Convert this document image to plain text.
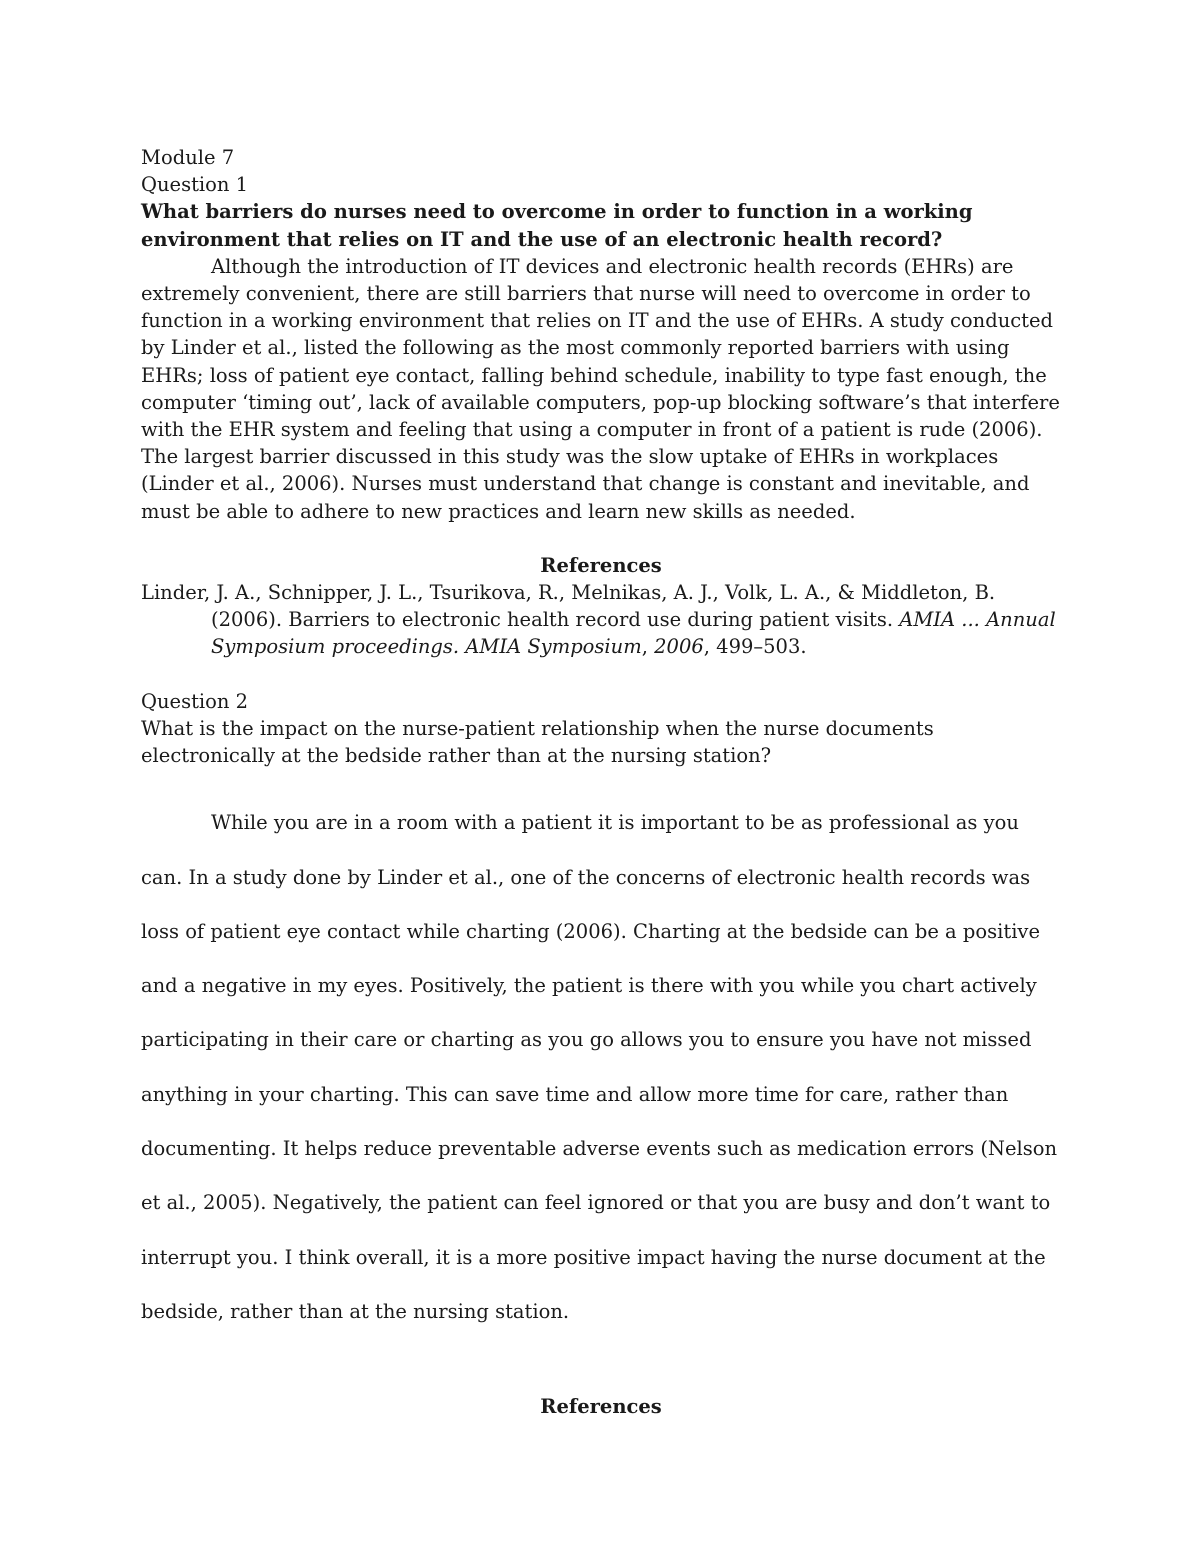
Module 7
Question 1

What barriers do nurses need to overcome in order to function in a working environment that relies on IT and the use of an electronic health record?

Although the introduction of IT devices and electronic health records (EHRs) are extremely convenient, there are still barriers that nurse will need to overcome in order to function in a working environment that relies on IT and the use of EHRs. A study conducted by Linder et al., listed the following as the most commonly reported barriers with using EHRs; loss of patient eye contact, falling behind schedule, inability to type fast enough, the computer ‘timing out’, lack of available computers, pop-up blocking software’s that interfere with the EHR system and feeling that using a computer in front of a patient is rude (2006). The largest barrier discussed in this study was the slow uptake of EHRs in workplaces (Linder et al., 2006). Nurses must understand that change is constant and inevitable, and must be able to adhere to new practices and learn new skills as needed.

References

Linder, J. A., Schnipper, J. L., Tsurikova, R., Melnikas, A. J., Volk, L. A., & Middleton, B. (2006). Barriers to electronic health record use during patient visits. AMIA ... Annual Symposium proceedings. AMIA Symposium, 2006, 499–503.

Question 2

What is the impact on the nurse-patient relationship when the nurse documents electronically at the bedside rather than at the nursing station?

While you are in a room with a patient it is important to be as professional as you can. In a study done by Linder et al., one of the concerns of electronic health records was loss of patient eye contact while charting (2006). Charting at the bedside can be a positive and a negative in my eyes. Positively, the patient is there with you while you chart actively participating in their care or charting as you go allows you to ensure you have not missed anything in your charting. This can save time and allow more time for care, rather than documenting. It helps reduce preventable adverse events such as medication errors (Nelson et al., 2005). Negatively, the patient can feel ignored or that you are busy and don’t want to interrupt you. I think overall, it is a more positive impact having the nurse document at the bedside, rather than at the nursing station.

References
